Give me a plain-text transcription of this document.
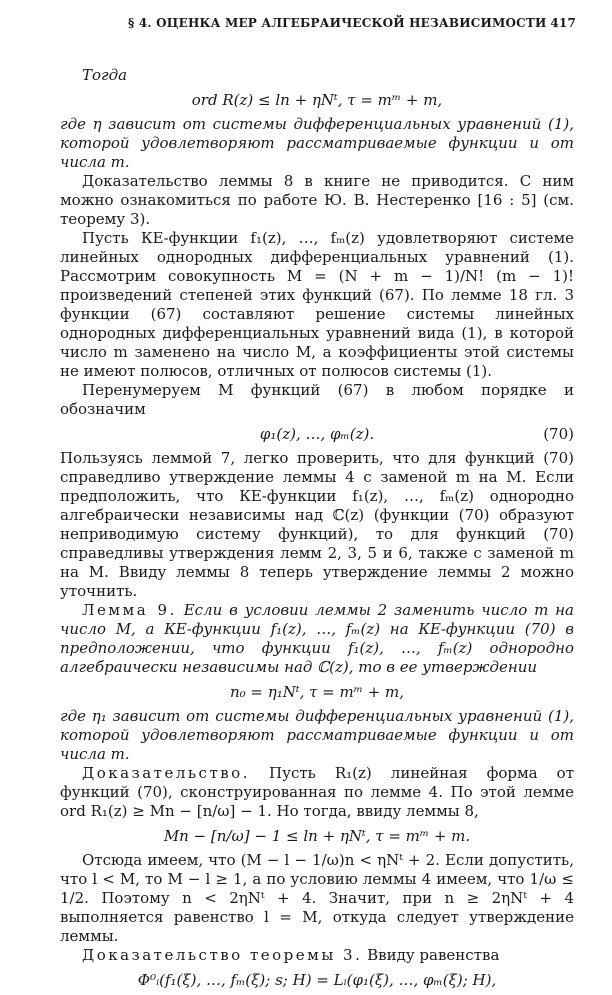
§ 4. ОЦЕНКА МЕР АЛГЕБРАИЧЕСКОЙ НЕЗАВИСИМОСТИ 417

Тогда

ord R(z) ≤ ln + ηNᵗ, τ = mᵐ + m,

где η зависит от системы дифференциальных уравнений (1), которой удовлетворяют рассматриваемые функции и от числа m.

Доказательство леммы 8 в книге не приводится. С ним можно ознакомиться по работе Ю. В. Нестеренко [16 : 5] (см. теорему 3).

Пусть КЕ-функции f₁(z), …, fₘ(z) удовлетворяют системе линейных однородных дифференциальных уравнений (1). Рассмотрим совокупность M = (N + m − 1)/N! (m − 1)! произведений степеней этих функций (67). По лемме 18 гл. 3 функции (67) составляют решение системы линейных однородных дифференциальных уравнений вида (1), в которой число m заменено на число M, а коэффициенты этой системы не имеют полюсов, отличных от полюсов системы (1).

Перенумеруем M функций (67) в любом порядке и обозначим

φ₁(z), …, φₘ(z).	(70)

Пользуясь леммой 7, легко проверить, что для функций (70) справедливо утверждение леммы 4 с заменой m на M. Если предположить, что КЕ-функции f₁(z), …, fₘ(z) однородно алгебраически независимы над ℂ(z) (функции (70) образуют неприводимую систему функций), то для функций (70) справедливы утверждения лемм 2, 3, 5 и 6, также с заменой m на M. Ввиду леммы 8 теперь утверждение леммы 2 можно уточнить.

Лемма 9. Если в условии леммы 2 заменить число m на число M, а КЕ-функции f₁(z), …, fₘ(z) на КЕ-функции (70) в предположении, что функции f₁(z), …, fₘ(z) однородно алгебраически независимы над ℂ(z), то в ее утверждении

n₀ = η₁Nᵗ, τ = mᵐ + m,

где η₁ зависит от системы дифференциальных уравнений (1), которой удовлетворяют рассматриваемые функции и от числа m.

Доказательство. Пусть R₁(z) линейная форма от функций (70), сконструированная по лемме 4. По этой лемме ord R₁(z) ≥ Mn − [n/ω] − 1. Но тогда, ввиду леммы 8,

Mn − [n/ω] − 1 ≤ ln + ηNᵗ, τ = mᵐ + m.

Отсюда имеем, что (M − l − 1/ω)n < ηNᵗ + 2. Если допустить, что l < M, то M − l ≥ 1, а по условию леммы 4 имеем, что 1/ω ≤ 1/2. Поэтому n < 2ηNᵗ + 4. Значит, при n ≥ 2ηNᵗ + 4 выполняется равенство l = M, откуда следует утверждение леммы.

Доказательство теоремы 3. Ввиду равенства

Φ⁰ᵢ(f₁(ξ), …, fₘ(ξ); s; H) = Lᵢ(φ₁(ξ), …, φₘ(ξ); H),
